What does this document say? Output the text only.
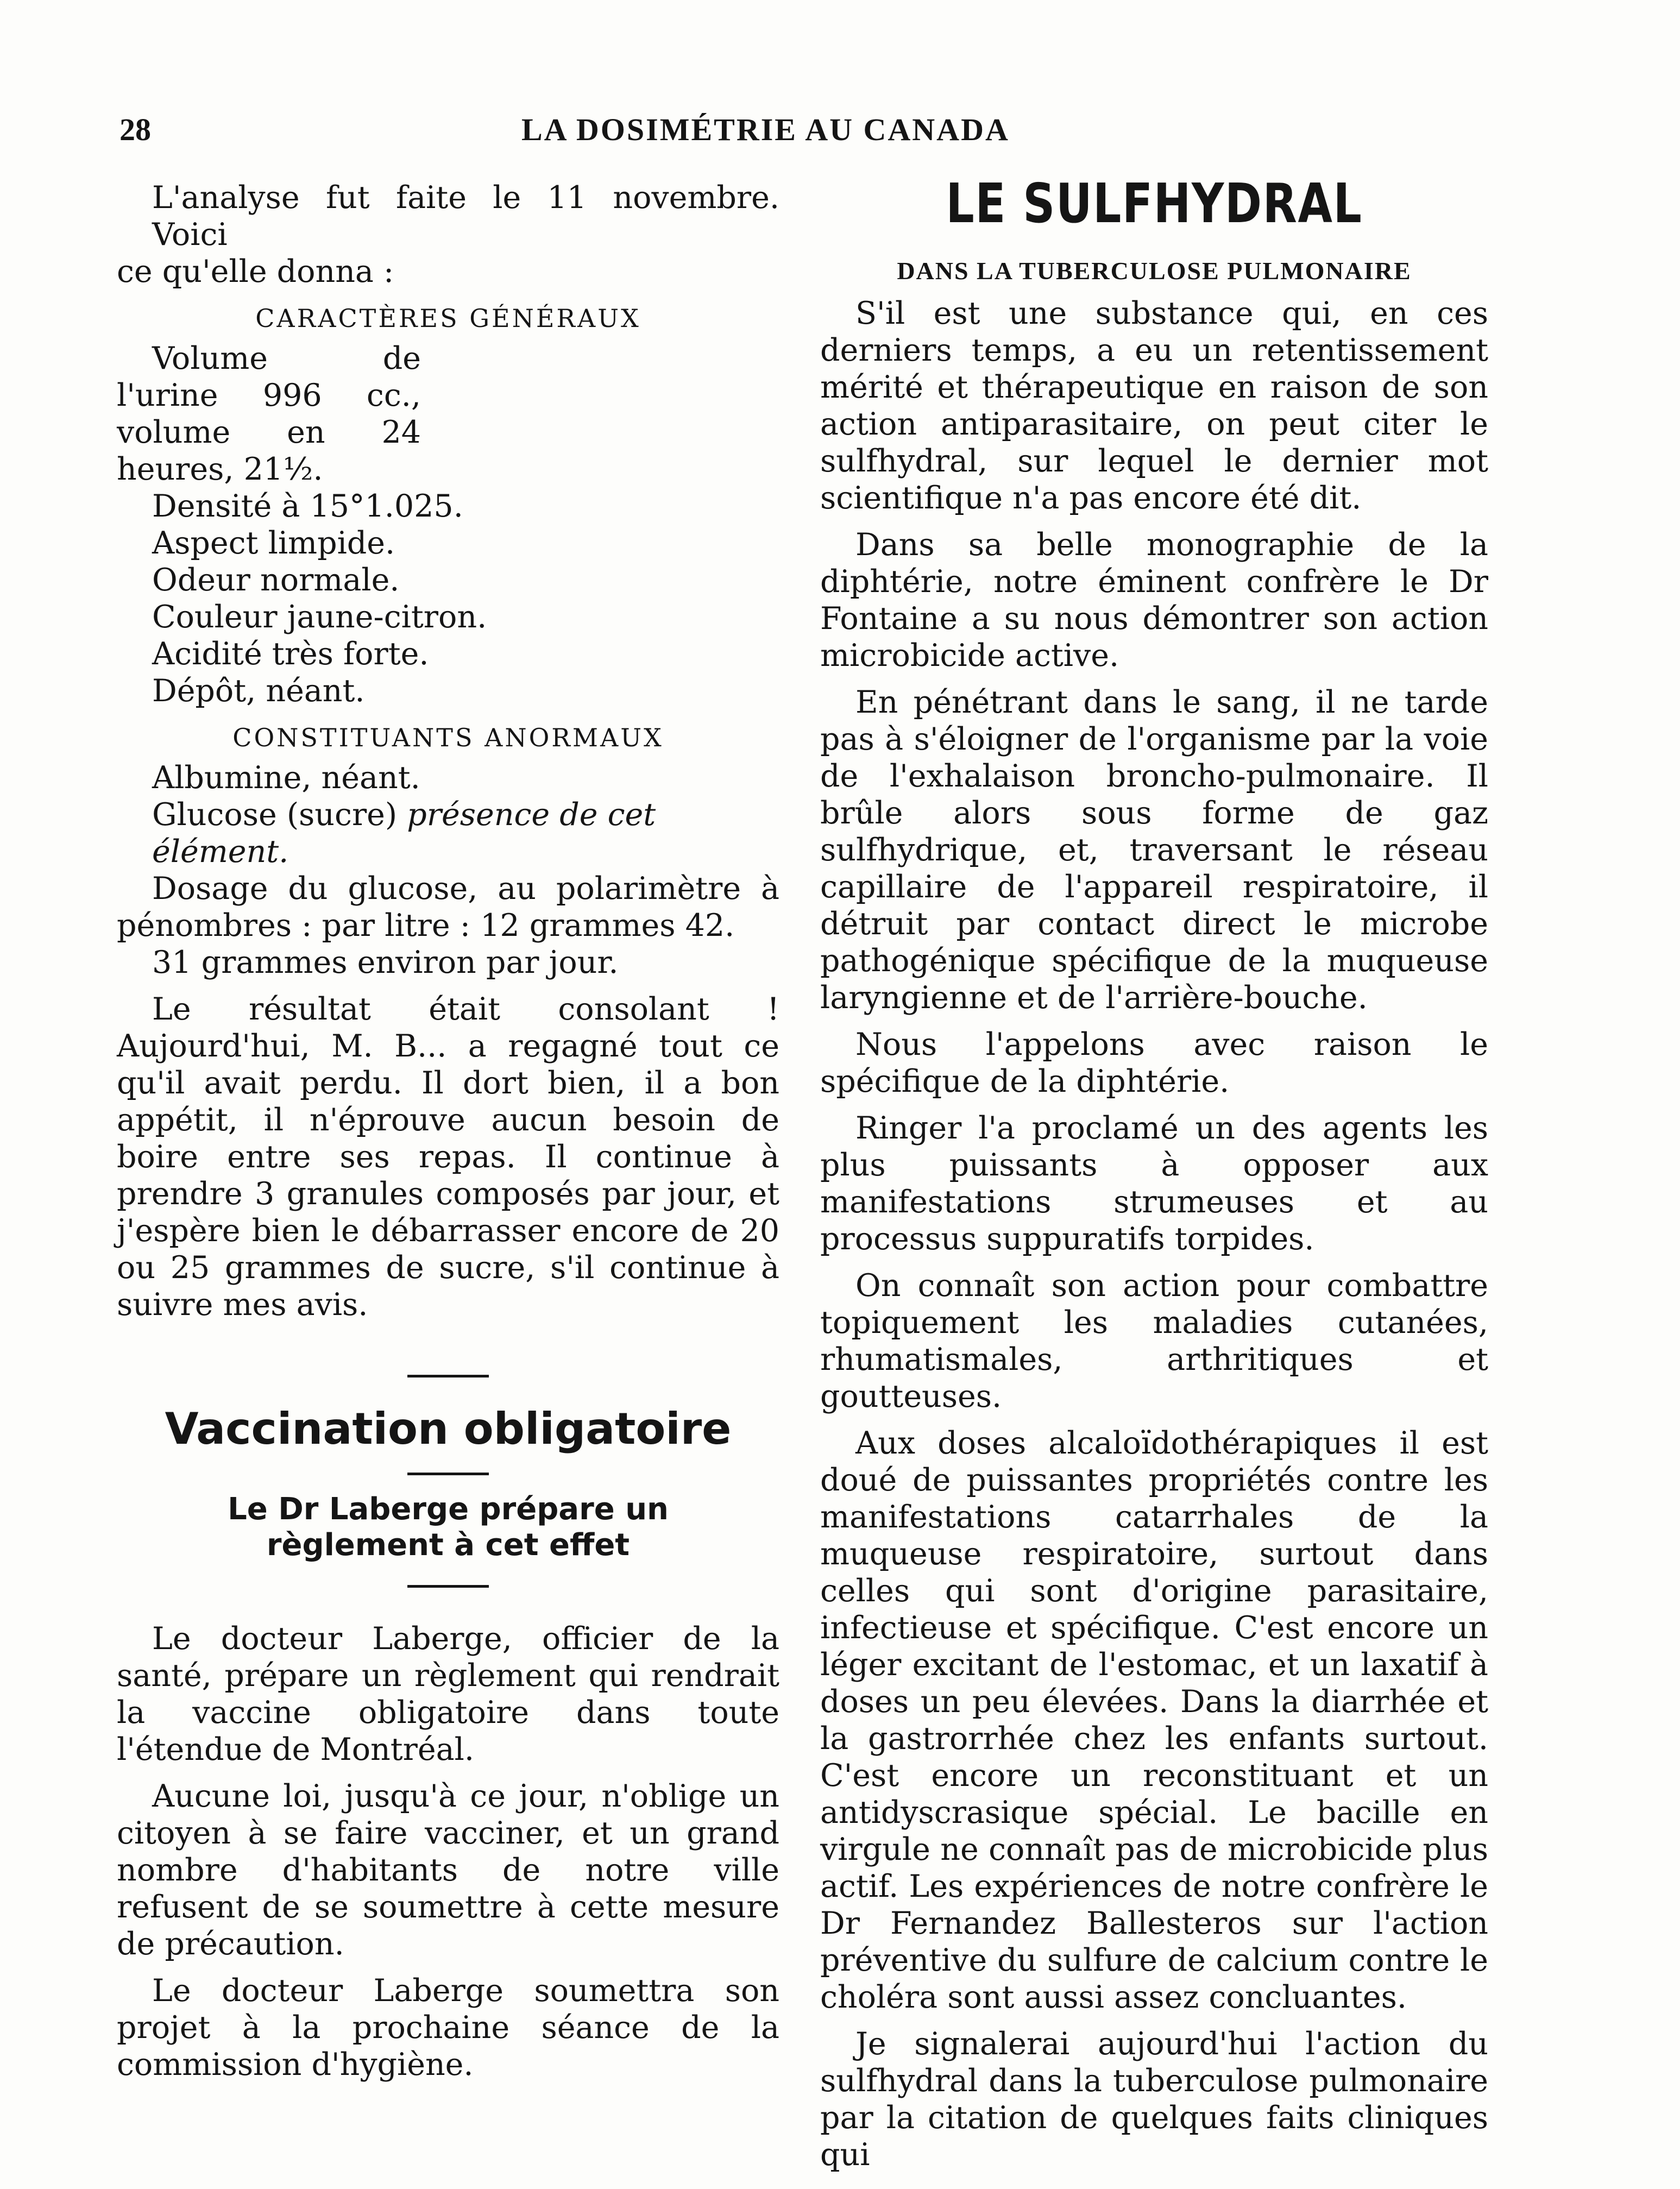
28	LA DOSIMÉTRIE AU CANADA

L'analyse fut faite le 11 novembre. Voici

ce qu'elle donna :

CARACTÈRES GÉNÉRAUX

Volume de l'urine 996 cc., volume en 24 heures, 21½.

Densité à 15°1.025.
Aspect limpide.
Odeur normale.
Couleur jaune-citron.
Acidité très forte.
Dépôt, néant.
CONSTITUANTS ANORMAUX
Albumine, néant.
Glucose (sucre) présence de cet élément.

Dosage du glucose, au polarimètre à pénombres : par litre : 12 grammes 42.

31 grammes environ par jour.

Le résultat était consolant ! Aujourd'hui, M. B... a regagné tout ce qu'il avait perdu. Il dort bien, il a bon appétit, il n'éprouve aucun besoin de boire entre ses repas. Il continue à prendre 3 granules composés par jour, et j'espère bien le débarrasser encore de 20 ou 25 grammes de sucre, s'il continue à suivre mes avis.

Vaccination obligatoire
Le Dr Laberge prépare un règlement à cet effet

Le docteur Laberge, officier de la santé, prépare un règlement qui rendrait la vaccine obligatoire dans toute l'étendue de Montréal.

Aucune loi, jusqu'à ce jour, n'oblige un citoyen à se faire vacciner, et un grand nombre d'habitants de notre ville refusent de se soumettre à cette mesure de précaution.

Le docteur Laberge soumettra son projet à la prochaine séance de la commission d'hygiène.

LE SULFHYDRAL
DANS LA TUBERCULOSE PULMONAIRE

S'il est une substance qui, en ces derniers temps, a eu un retentissement mérité et thérapeutique en raison de son action antiparasitaire, on peut citer le sulfhydral, sur lequel le dernier mot scientifique n'a pas encore été dit.

Dans sa belle monographie de la diphtérie, notre éminent confrère le Dr Fontaine a su nous démontrer son action microbicide active.

En pénétrant dans le sang, il ne tarde pas à s'éloigner de l'organisme par la voie de l'exhalaison broncho-pulmonaire. Il brûle alors sous forme de gaz sulfhydrique, et, traversant le réseau capillaire de l'appareil respiratoire, il détruit par contact direct le microbe pathogénique spécifique de la muqueuse laryngienne et de l'arrière-bouche.

Nous l'appelons avec raison le spécifique de la diphtérie.

Ringer l'a proclamé un des agents les plus puissants à opposer aux manifestations strumeuses et au processus suppuratifs torpides.

On connaît son action pour combattre topiquement les maladies cutanées, rhumatismales, arthritiques et goutteuses.

Aux doses alcaloïdothérapiques il est doué de puissantes propriétés contre les manifestations catarrhales de la muqueuse respiratoire, surtout dans celles qui sont d'origine parasitaire, infectieuse et spécifique. C'est encore un léger excitant de l'estomac, et un laxatif à doses un peu élevées. Dans la diarrhée et la gastrorrhée chez les enfants surtout. C'est encore un reconstituant et un antidyscrasique spécial. Le bacille en virgule ne connaît pas de microbicide plus actif. Les expériences de notre confrère le Dr Fernandez Ballesteros sur l'action préventive du sulfure de calcium contre le choléra sont aussi assez concluantes.

Je signalerai aujourd'hui l'action du sulfhydral dans la tuberculose pulmonaire par la citation de quelques faits cliniques qui
